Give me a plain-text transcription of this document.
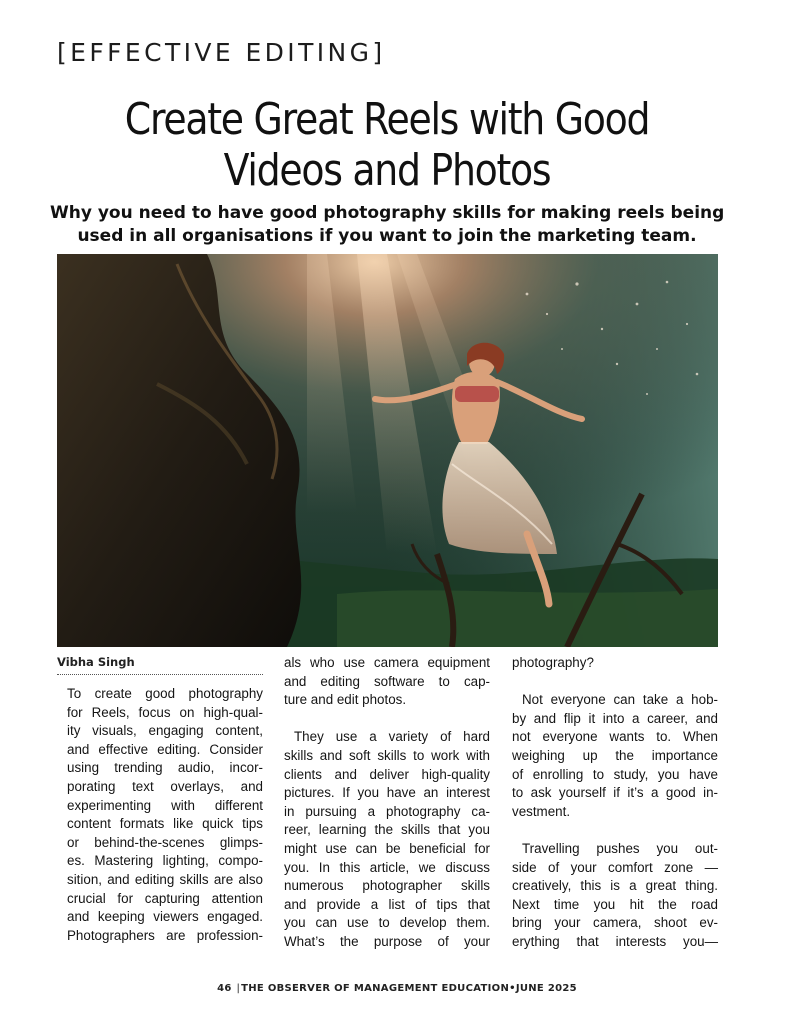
[EFFECTIVE EDITING]
Create Great Reels with Good
Videos and Photos
Why you need to have good photography skills for making reels being
used in all organisations if you want to join the marketing team.
Vibha Singh

To create good photography
for Reels, focus on high-qual-
ity visuals, engaging content,
and effective editing. Consider
using trending audio, incor-
porating text overlays, and
experimenting with different
content formats like quick tips
or behind-the-scenes glimps-
es. Mastering lighting, compo-
sition, and editing skills are also
crucial for capturing attention
and keeping viewers engaged.
Photographers are profession-

als who use camera equipment
and editing software to cap-
ture and edit photos.

They use a variety of hard
skills and soft skills to work with
clients and deliver high-quality
pictures. If you have an interest
in pursuing a photography ca-
reer, learning the skills that you
might use can be beneficial for
you. In this article, we discuss
numerous photographer skills
and provide a list of tips that
you can use to develop them.
What’s the purpose of your

photography?

Not everyone can take a hob-
by and flip it into a career, and
not everyone wants to. When
weighing up the importance
of enrolling to study, you have
to ask yourself if it’s a good in-
vestment.

Travelling pushes you out-
side of your comfort zone —
creatively, this is a great thing.
Next time you hit the road
bring your camera, shoot ev-
erything that interests you—

46 |THE OBSERVER OF MANAGEMENT EDUCATION•JUNE 2025
